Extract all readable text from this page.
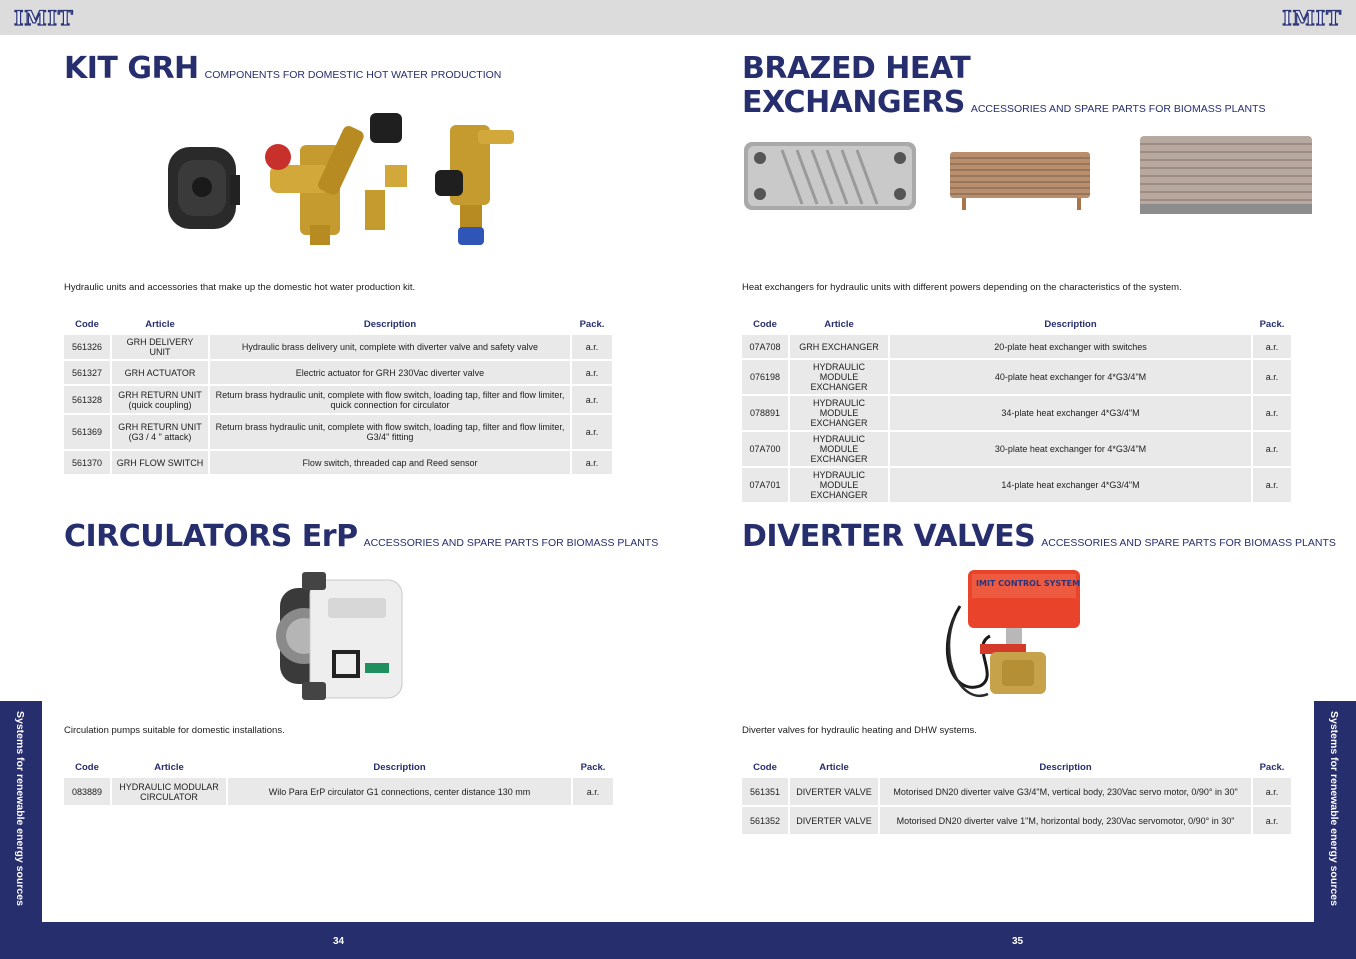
IMIT	IMIT
KIT GRH COMPONENTS FOR DOMESTIC HOT WATER PRODUCTION
Hydraulic units and accessories that make up the domestic hot water production kit.
Code	Article	Description	Pack.
561326	GRH DELIVERY UNIT	Hydraulic brass delivery unit, complete with diverter valve and safety valve	a.r.
561327	GRH ACTUATOR	Electric actuator for GRH 230Vac diverter valve	a.r.
561328	GRH RETURN UNIT (quick coupling)	Return brass hydraulic unit, complete with flow switch, loading tap, filter and flow limiter, quick connection for circulator	a.r.
561369	GRH RETURN UNIT (G3 / 4 " attack)	Return brass hydraulic unit, complete with flow switch, loading tap, filter and flow limiter, G3/4" fitting	a.r.
561370	GRH FLOW SWITCH	Flow switch, threaded cap and Reed sensor	a.r.
BRAZED HEAT
EXCHANGERS ACCESSORIES AND SPARE PARTS FOR BIOMASS PLANTS
Heat exchangers for hydraulic units with different powers depending on the characteristics of the system.
Code	Article	Description	Pack.
07A708	GRH EXCHANGER	20-plate heat exchanger with switches	a.r.
076198	HYDRAULIC MODULE EXCHANGER	40-plate heat exchanger for 4*G3/4"M	a.r.
078891	HYDRAULIC MODULE EXCHANGER	34-plate heat exchanger 4*G3/4"M	a.r.
07A700	HYDRAULIC MODULE EXCHANGER	30-plate heat exchanger for 4*G3/4"M	a.r.
07A701	HYDRAULIC MODULE EXCHANGER	14-plate heat exchanger 4*G3/4"M	a.r.
CIRCULATORS ErP ACCESSORIES AND SPARE PARTS FOR BIOMASS PLANTS
Circulation pumps suitable for domestic installations.
Code	Article	Description	Pack.
083889	HYDRAULIC MODULAR CIRCULATOR	Wilo Para ErP circulator G1 connections, center distance 130 mm	a.r.
DIVERTER VALVES ACCESSORIES AND SPARE PARTS FOR BIOMASS PLANTS
IMIT CONTROL SYSTEM
Diverter valves for hydraulic heating and DHW systems.
Code	Article	Description	Pack.
561351	DIVERTER VALVE	Motorised DN20 diverter valve G3/4"M, vertical body, 230Vac servo motor, 0/90° in 30"	a.r.
561352	DIVERTER VALVE	Motorised DN20 diverter valve 1"M, horizontal body, 230Vac servomotor, 0/90° in 30"	a.r.
Systems for renewable energy sources	Systems for renewable energy sources
34	35
